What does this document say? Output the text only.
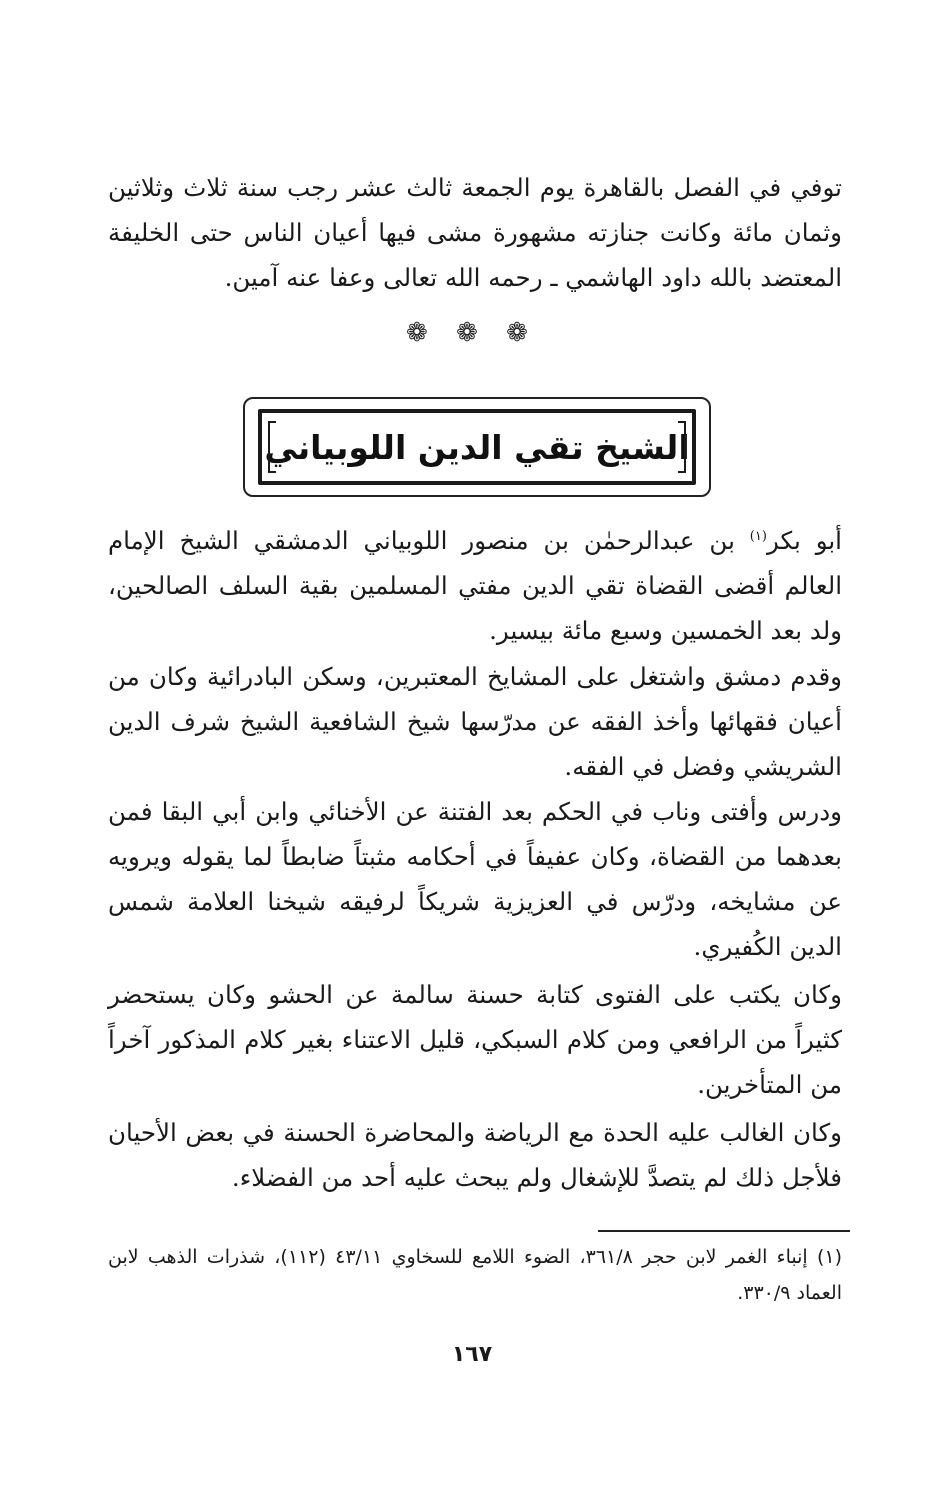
توفي في الفصل بالقاهرة يوم الجمعة ثالث عشر رجب سنة ثلاث وثلاثين وثمان مائة وكانت جنازته مشهورة مشى فيها أعيان الناس حتى الخليفة المعتضد بالله داود الهاشمي ـ رحمه الله تعالى وعفا عنه آمين.

❁ ❁ ❁
الشيخ تقي الدين اللوبياني

أبو بكر$^{(١)}$ بن عبدالرحمٰن بن منصور اللوبياني الدمشقي الشيخ الإمام العالم أقضى القضاة تقي الدين مفتي المسلمين بقية السلف الصالحين، ولد بعد الخمسين وسبع مائة بيسير.

وقدم دمشق واشتغل على المشايخ المعتبرين، وسكن البادرائية وكان من أعيان فقهائها وأخذ الفقه عن مدرّسها شيخ الشافعية الشيخ شرف الدين الشريشي وفضل في الفقه.

ودرس وأفتى وناب في الحكم بعد الفتنة عن الأخنائي وابن أبي البقا فمن بعدهما من القضاة، وكان عفيفاً في أحكامه مثبتاً ضابطاً لما يقوله ويرويه عن مشايخه، ودرّس في العزيزية شريكاً لرفيقه شيخنا العلامة شمس الدين الكُفيري.

وكان يكتب على الفتوى كتابة حسنة سالمة عن الحشو وكان يستحضر كثيراً من الرافعي ومن كلام السبكي، قليل الاعتناء بغير كلام المذكور آخراً من المتأخرين.

وكان الغالب عليه الحدة مع الرياضة والمحاضرة الحسنة في بعض الأحيان فلأجل ذلك لم يتصدَّ للإشغال ولم يبحث عليه أحد من الفضلاء.

(١) إنباء الغمر لابن حجر ٣٦١/٨، الضوء اللامع للسخاوي ٤٣/١١ (١١٢)، شذرات الذهب لابن العماد ٣٣٠/٩.

١٦٧
